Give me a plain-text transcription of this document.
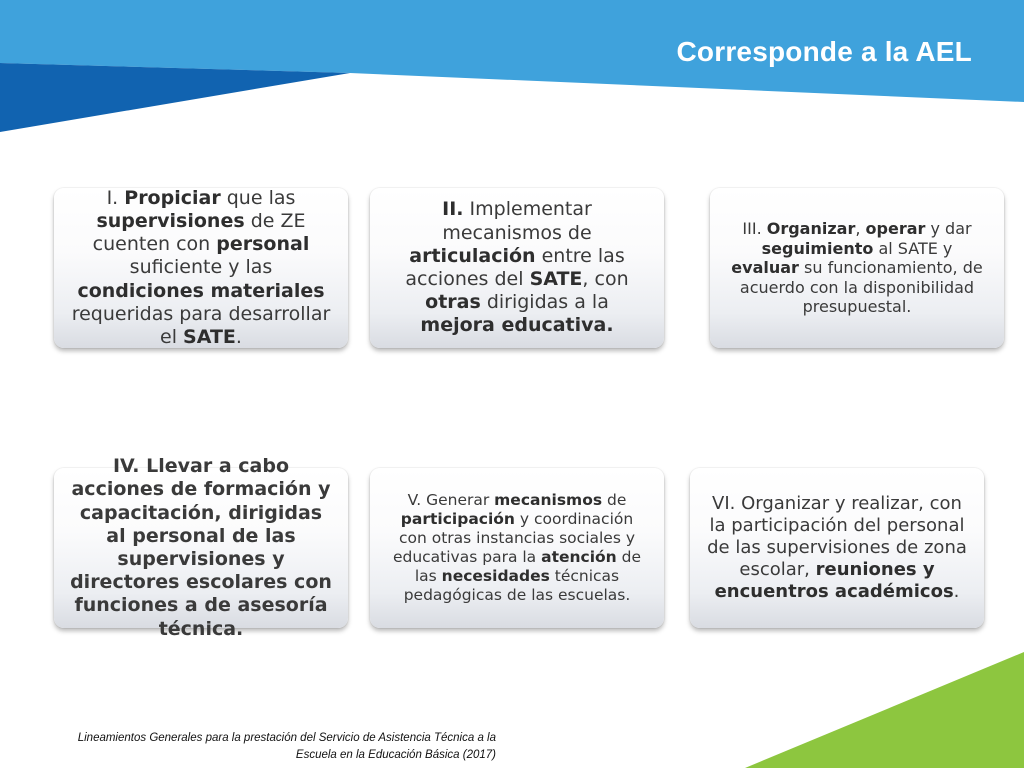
Corresponde a la AEL
I. Propiciar que las supervisiones de ZE cuenten con personal suficiente y las condiciones materiales requeridas para desarrollar el SATE.
II. Implementar mecanismos de articulación entre las acciones del SATE, con otras dirigidas a la mejora educativa.
III. Organizar, operar y dar seguimiento al SATE y evaluar su funcionamiento, de acuerdo con la disponibilidad presupuestal.
IV. Llevar a cabo acciones de formación y capacitación, dirigidas al personal de las supervisiones y directores escolares con funciones a de asesoría técnica.
V. Generar mecanismos de participación y coordinación con otras instancias sociales y educativas para la atención de las necesidades técnicas pedagógicas de las escuelas.
VI. Organizar y realizar, con la participación del personal de las supervisiones de zona escolar, reuniones y encuentros académicos.
Lineamientos Generales para la prestación del Servicio de Asistencia Técnica a la
Escuela en la Educación Básica (2017)
